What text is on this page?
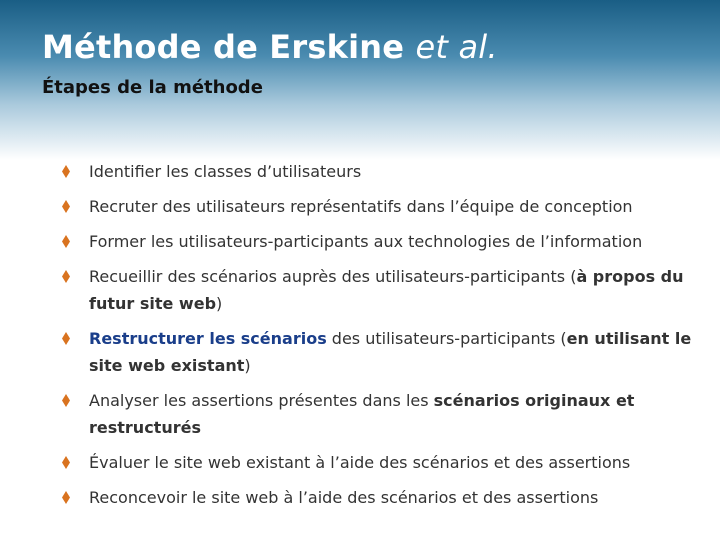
Méthode de Erskine et al.
Étapes de la méthode
Identifier les classes d’utilisateurs
Recruter des utilisateurs représentatifs dans l’équipe de conception
Former les utilisateurs-participants aux technologies de l’information
Recueillir des scénarios auprès des utilisateurs-participants (à propos du futur site web)
Restructurer les scénarios des utilisateurs-participants (en utilisant le site web existant)
Analyser les assertions présentes dans les scénarios originaux et restructurés
Évaluer le site web existant à l’aide des scénarios et des assertions
Reconcevoir le site web à l’aide des scénarios et des assertions
